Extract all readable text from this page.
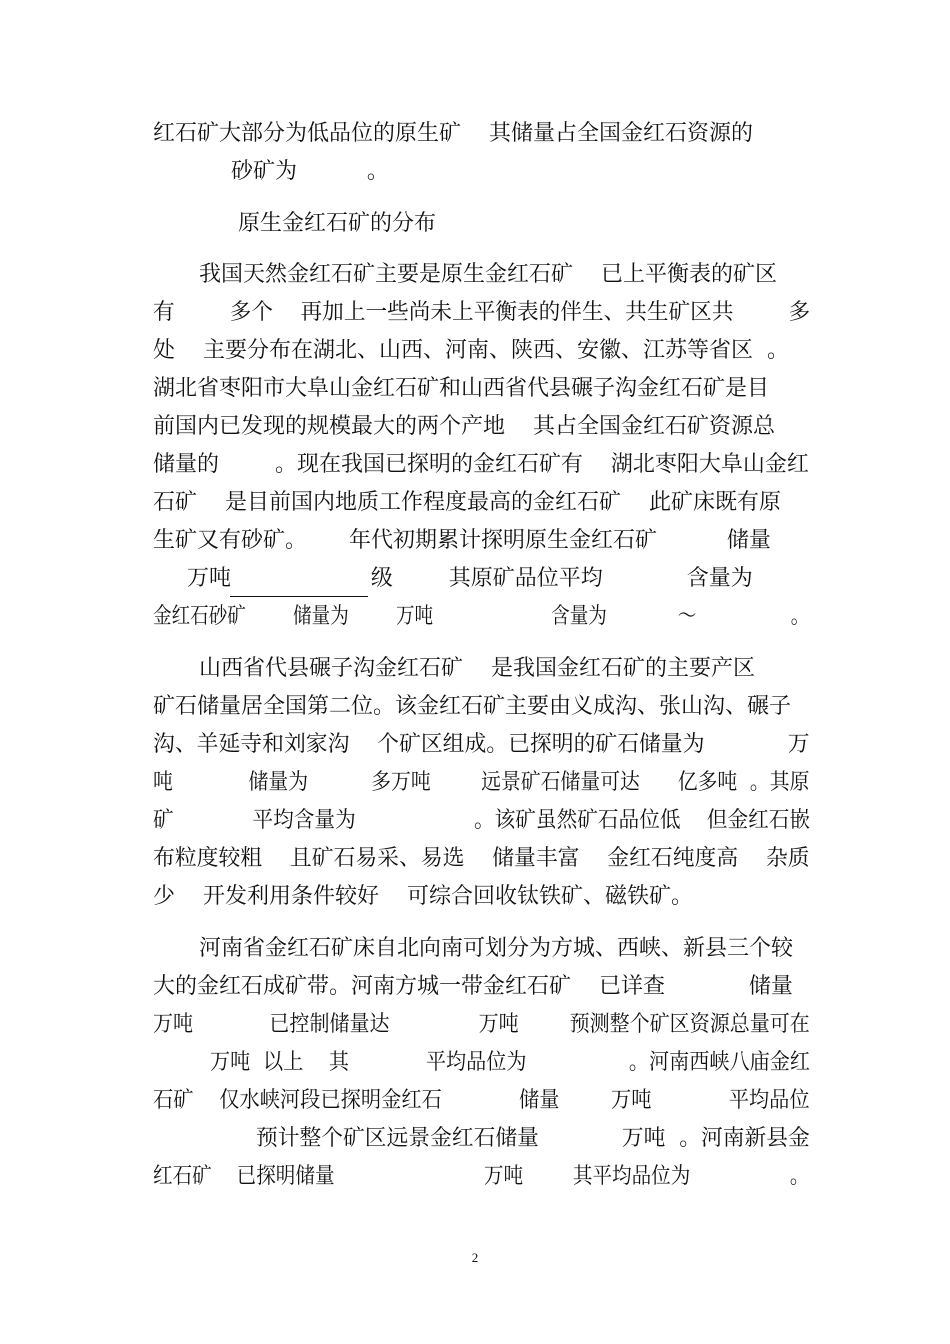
红石矿大部分为低品位的原生矿    其储量占全国金红石资源的
砂矿为          。
原生金红石矿的分布
我国天然金红石矿主要是原生金红石矿    已上平衡表的矿区
有        多个    再加上一些尚未上平衡表的伴生、共生矿区共        多
处    主要分布在湖北、山西、河南、陕西、安徽、江苏等省区  。
湖北省枣阳市大阜山金红石矿和山西省代县碾子沟金红石矿是目
前国内已发现的规模最大的两个产地    其占全国金红石矿资源总
储量的        。现在我国已探明的金红石矿有    湖北枣阳大阜山金红
石矿    是目前国内地质工作程度最高的金红石矿    此矿床既有原
生矿又有砂矿。      年代初期累计探明原生金红石矿          储量
万吨                    级        其原矿品位平均            含量为
金红石砂矿        储量为        万吨                    含量为            ～                。
山西省代县碾子沟金红石矿    是我国金红石矿的主要产区
矿石储量居全国第二位。该金红石矿主要由义成沟、张山沟、碾子
沟、羊延寺和刘家沟    个矿区组成。已探明的矿石储量为            万
吨            储量为          多万吨        远景矿石储量可达      亿多吨  。其原
矿            平均含量为                  。该矿虽然矿石品位低    但金红石嵌
布粒度较粗    且矿石易采、易选    储量丰富    金红石纯度高    杂质
少    开发利用条件较好    可综合回收钛铁矿、磁铁矿。
河南省金红石矿床自北向南可划分为方城、西峡、新县三个较
大的金红石成矿带。河南方城一带金红石矿    已详查            储量
万吨            已控制储量达              万吨        预测整个矿区资源总量可在
万吨  以上    其            平均品位为                。河南西峡八庙金红
石矿    仅水峡河段已探明金红石            储量        万吨            平均品位
预计整个矿区远景金红石储量            万吨  。河南新县金
红石矿    已探明储量                        万吨        其平均品位为                。
2
